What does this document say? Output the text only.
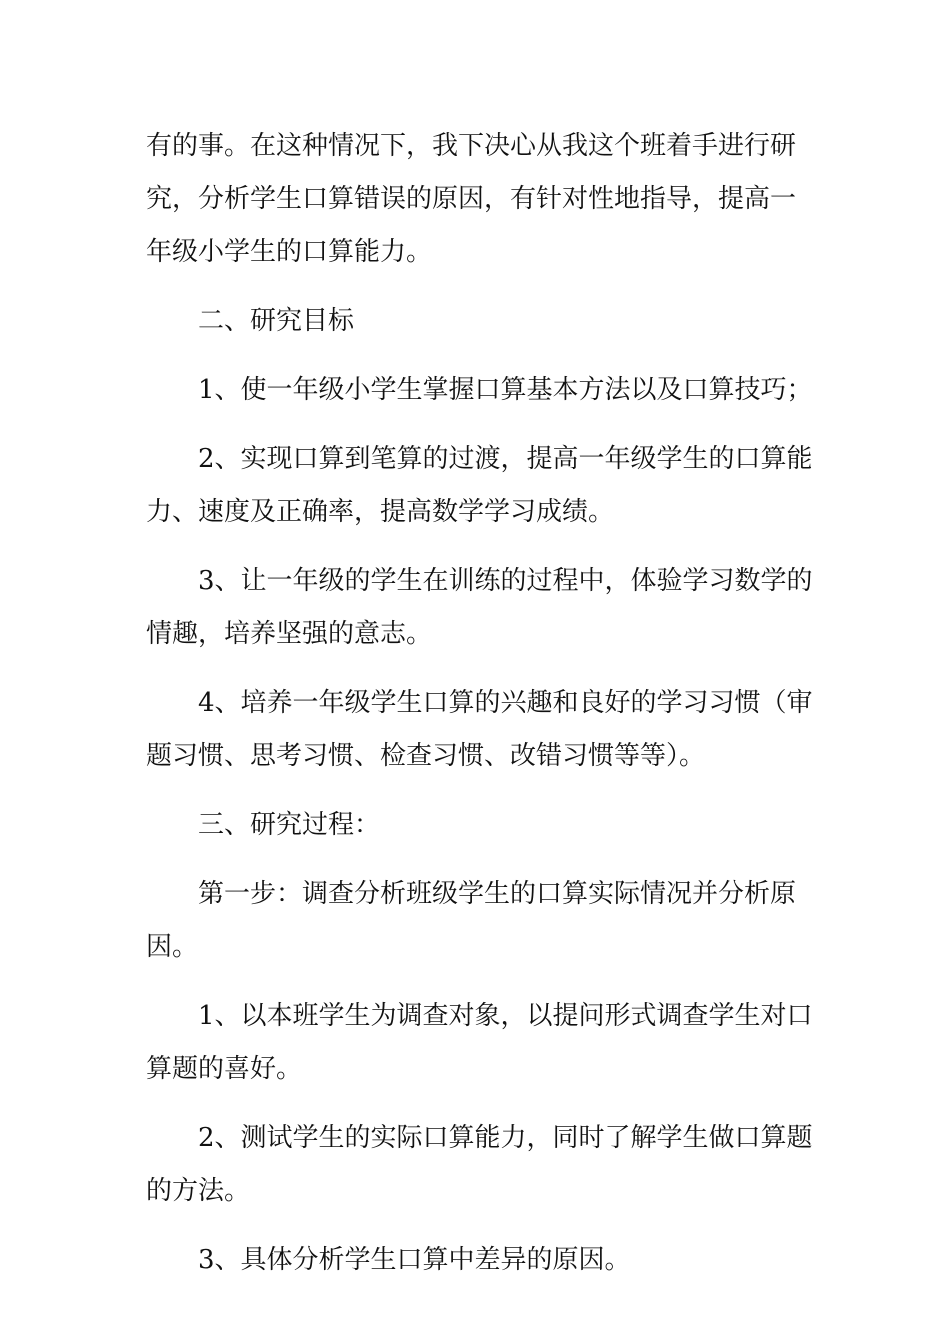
有的事。在这种情况下，我下决心从我这个班着手进行研究，分析学生口算错误的原因，有针对性地指导，提高一年级小学生的口算能力。

二、研究目标

1、使一年级小学生掌握口算基本方法以及口算技巧；

2、实现口算到笔算的过渡，提高一年级学生的口算能力、速度及正确率，提高数学学习成绩。

3、让一年级的学生在训练的过程中，体验学习数学的情趣，培养坚强的意志。

4、培养一年级学生口算的兴趣和良好的学习习惯（审题习惯、思考习惯、检查习惯、改错习惯等等）。

三、研究过程：

第一步：调查分析班级学生的口算实际情况并分析原因。

1、以本班学生为调查对象，以提问形式调查学生对口算题的喜好。

2、测试学生的实际口算能力，同时了解学生做口算题的方法。

3、具体分析学生口算中差异的原因。
